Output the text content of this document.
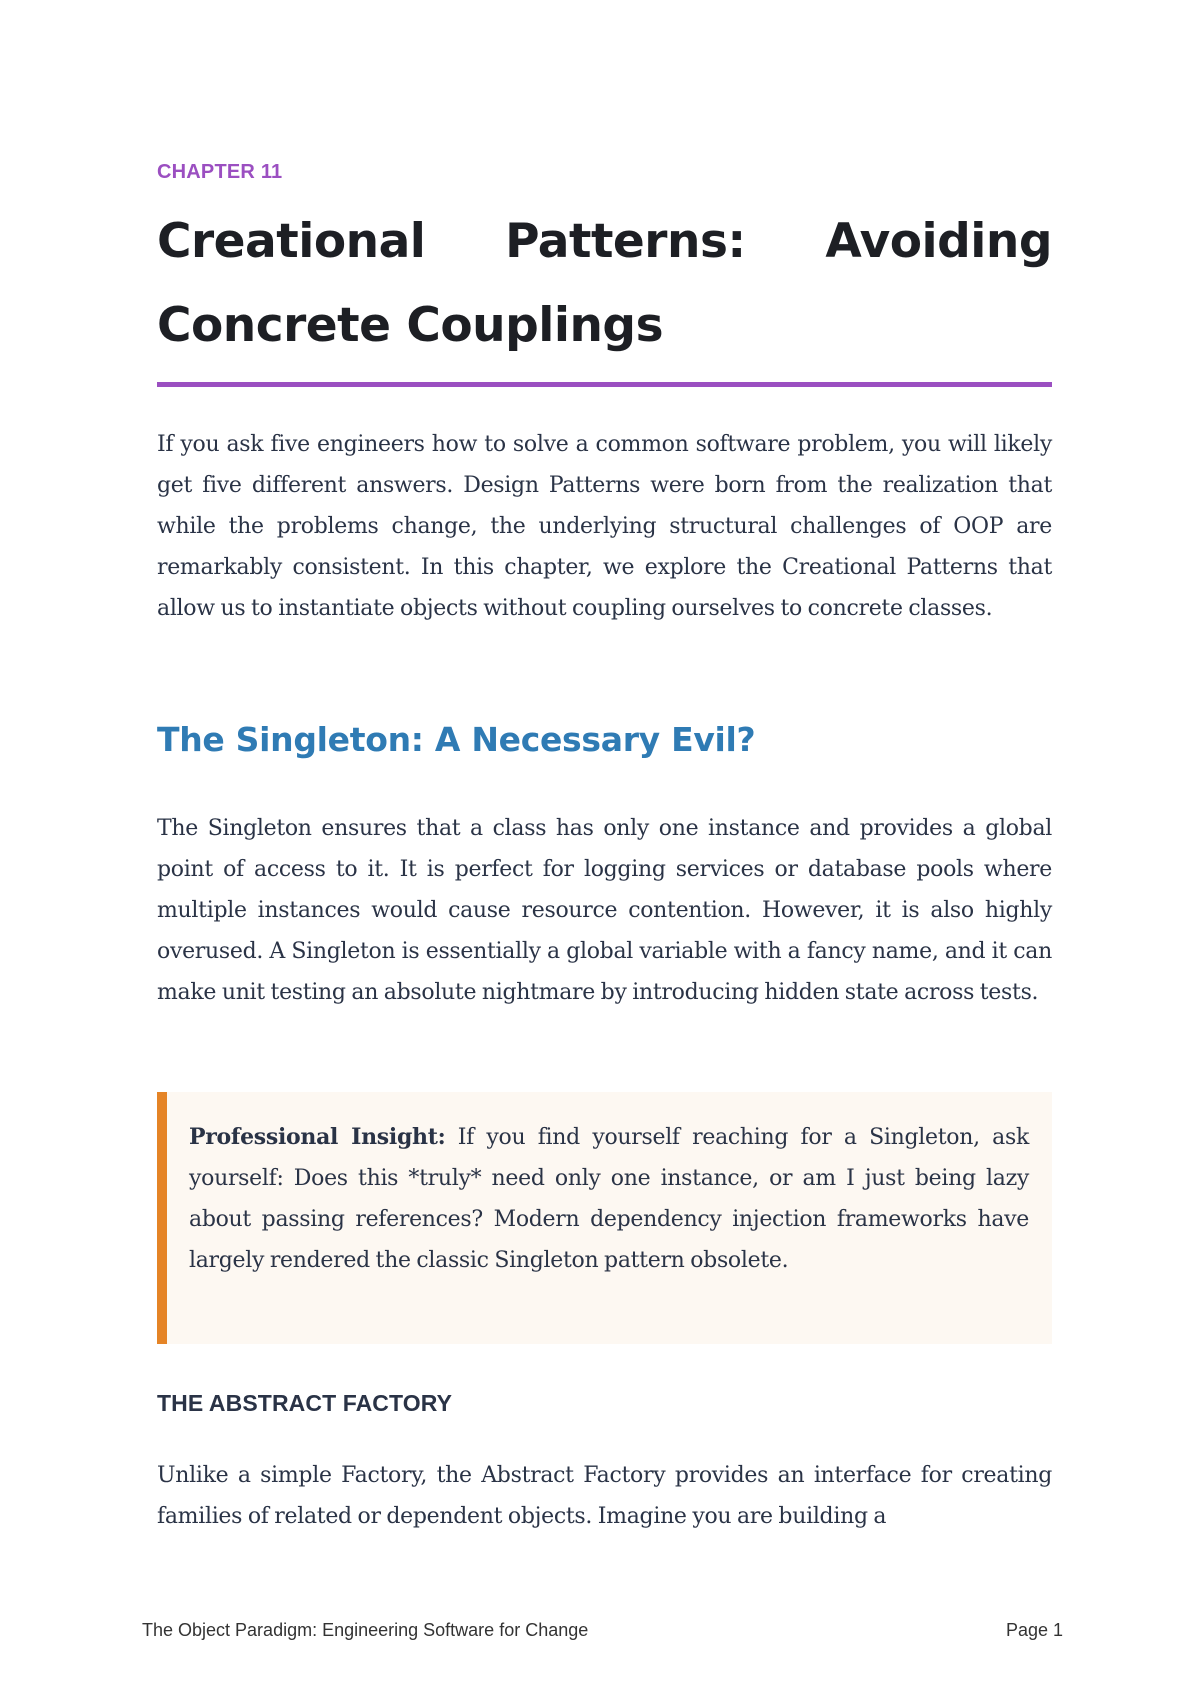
CHAPTER 11
Creational Patterns: Avoiding Concrete Couplings

If you ask five engineers how to solve a common software problem, you will likely get five different answers. Design Patterns were born from the realization that while the problems change, the underlying structural challenges of OOP are remarkably consistent. In this chapter, we explore the Creational Patterns that allow us to instantiate objects without coupling ourselves to concrete classes.

The Singleton: A Necessary Evil?

The Singleton ensures that a class has only one instance and provides a global point of access to it. It is perfect for logging services or database pools where multiple instances would cause resource contention. However, it is also highly overused. A Singleton is essentially a global variable with a fancy name, and it can make unit testing an absolute nightmare by introducing hidden state across tests.

Professional Insight: If you find yourself reaching for a Singleton, ask yourself: Does this *truly* need only one instance, or am I just being lazy about passing references? Modern dependency injection frameworks have largely rendered the classic Singleton pattern obsolete.

THE ABSTRACT FACTORY

Unlike a simple Factory, the Abstract Factory provides an interface for creating families of related or dependent objects. Imagine you are building a

The Object Paradigm: Engineering Software for Change	Page 1
